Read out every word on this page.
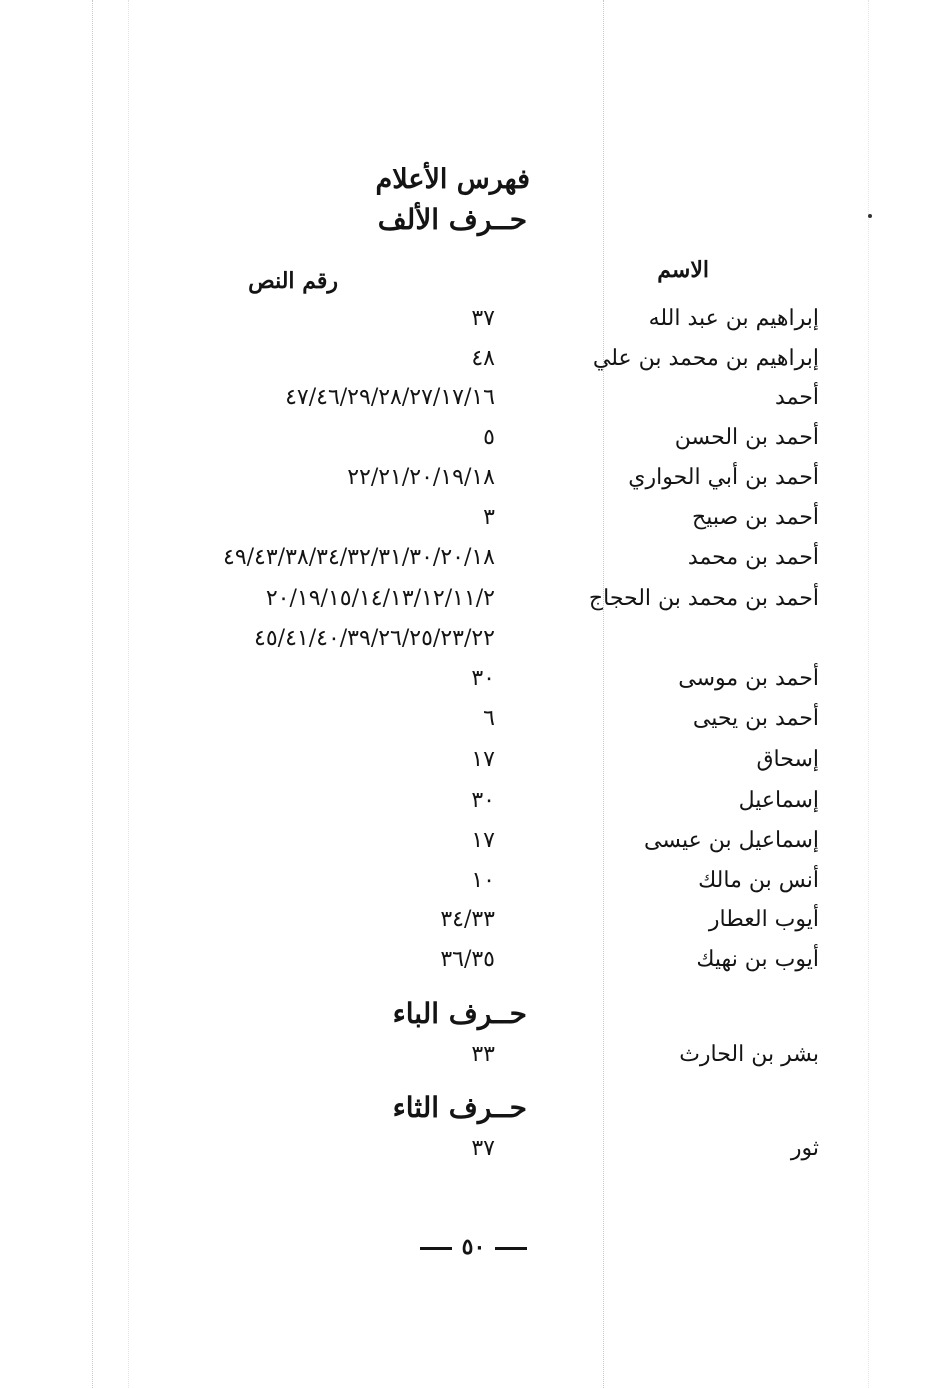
فهرس الأعلام
حــرف الألف
الاسم
رقم النص
إبراهيم بن عبد الله
٣٧
إبراهيم بن محمد بن علي
٤٨
أحمد
٤٧/٤٦/٢٩/٢٨/٢٧/١٧/١٦
أحمد بن الحسن
٥
أحمد بن أبي الحواري
٢٢/٢١/٢٠/١٩/١٨
أحمد بن صبيح
٣
أحمد بن محمد
٤٩/٤٣/٣٨/٣٤/٣٢/٣١/٣٠/٢٠/١٨
أحمد بن محمد بن الحجاج
٢٠/١٩/١٥/١٤/١٣/١٢/١١/٢
٤٥/٤١/٤٠/٣٩/٢٦/٢٥/٢٣/٢٢
أحمد بن موسى
٣٠
أحمد بن يحيى
٦
إسحاق
١٧
إسماعيل
٣٠
إسماعيل بن عيسى
١٧
أنس بن مالك
١٠
أيوب العطار
٣٤/٣٣
أيوب بن نهيك
٣٦/٣٥
حــرف الباء
بشر بن الحارث
٣٣
حــرف الثاء
ثور
٣٧
٥٠
